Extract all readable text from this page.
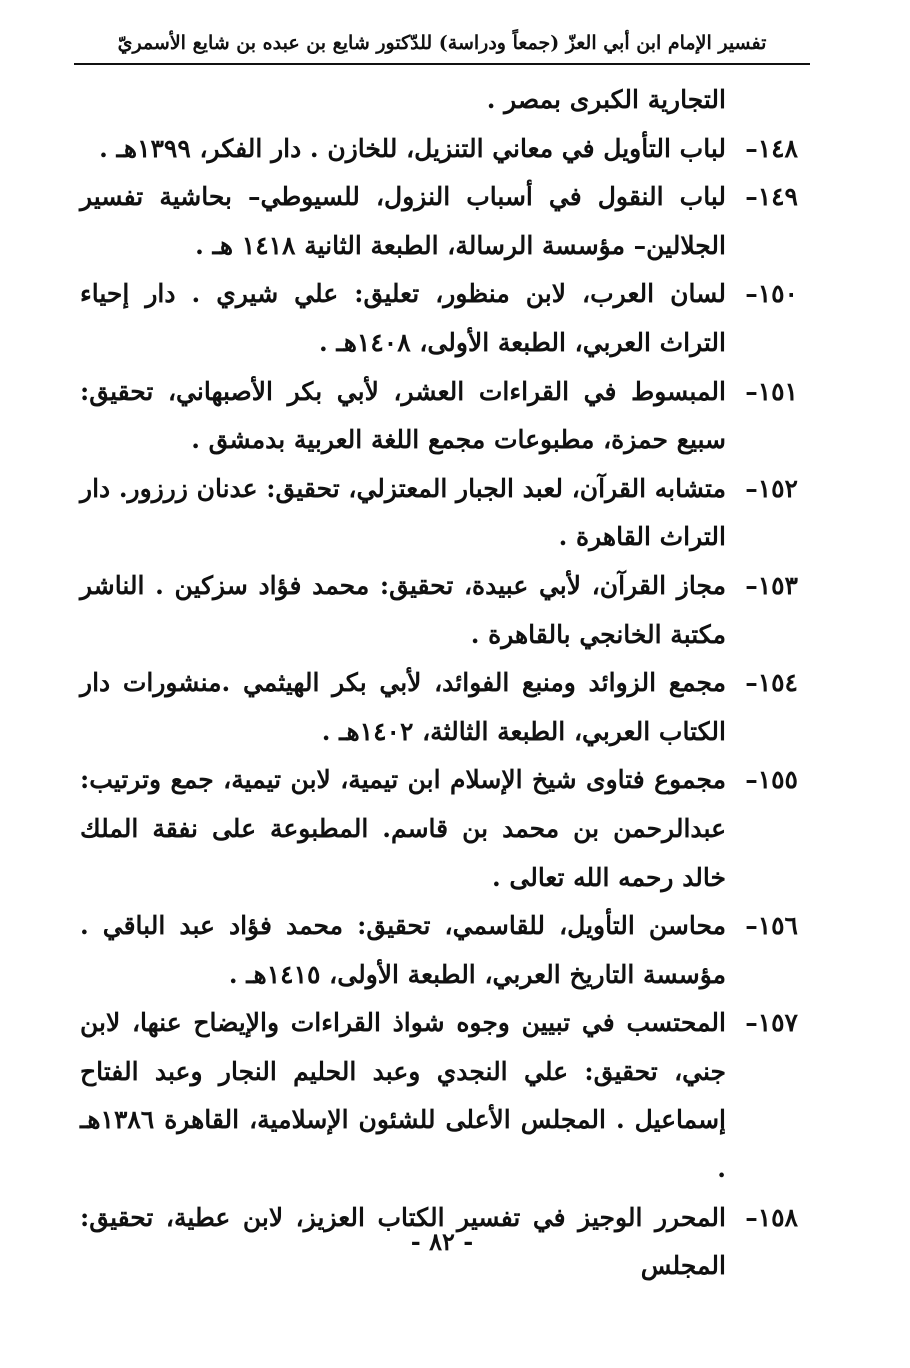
تفسير الإمام ابن أبي العزّ (جمعاً ودراسة) للدّكتور شايع بن عبده بن شايع الأسمريّ
التجارية الكبرى بمصر .
١٤٨–
لباب التأويل في معاني التنزيل، للخازن . دار الفكر، ١٣٩٩هـ .
١٤٩–
لباب النقول في أسباب النزول، للسيوطي– بحاشية تفسير الجلالين– مؤسسة الرسالة، الطبعة الثانية ١٤١٨ هـ .
١٥٠–
لسان العرب، لابن منظور، تعليق: علي شيري . دار إحياء التراث العربي، الطبعة الأولى، ١٤٠٨هـ .
١٥١–
المبسوط في القراءات العشر، لأبي بكر الأصبهاني، تحقيق: سبيع حمزة، مطبوعات مجمع اللغة العربية بدمشق .
١٥٢–
متشابه القرآن، لعبد الجبار المعتزلي، تحقيق: عدنان زرزور. دار التراث القاهرة .
١٥٣–
مجاز القرآن، لأبي عبيدة، تحقيق: محمد فؤاد سزكين . الناشر مكتبة الخانجي بالقاهرة .
١٥٤–
مجمع الزوائد ومنبع الفوائد، لأبي بكر الهيثمي .منشورات دار الكتاب العربي، الطبعة الثالثة، ١٤٠٢هـ .
١٥٥–
مجموع فتاوى شيخ الإسلام ابن تيمية، لابن تيمية، جمع وترتيب: عبدالرحمن بن محمد بن قاسم. المطبوعة على نفقة الملك خالد رحمه الله تعالى .
١٥٦–
محاسن التأويل، للقاسمي، تحقيق: محمد فؤاد عبد الباقي . مؤسسة التاريخ العربي، الطبعة الأولى، ١٤١٥هـ .
١٥٧–
المحتسب في تبيين وجوه شواذ القراءات والإيضاح عنها، لابن جني، تحقيق: علي النجدي وعبد الحليم النجار وعبد الفتاح إسماعيل . المجلس الأعلى للشئون الإسلامية، القاهرة ١٣٨٦هـ .
١٥٨–
المحرر الوجيز في تفسير الكتاب العزيز، لابن عطية، تحقيق: المجلس
- ٨٢ -
